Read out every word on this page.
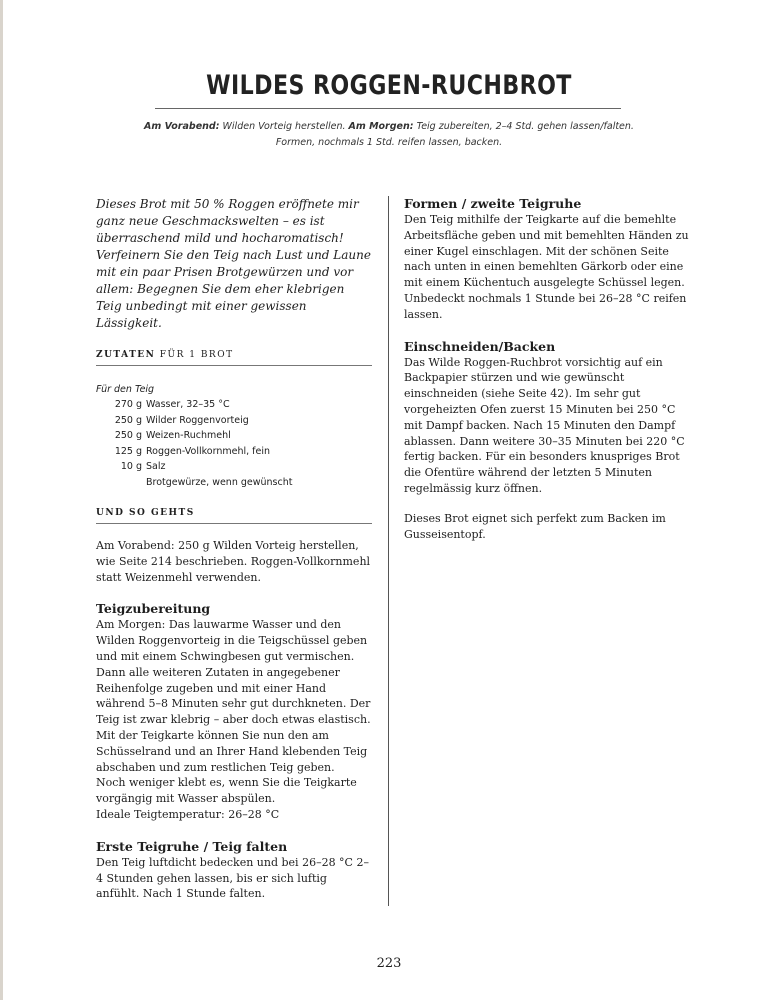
WILDES ROGGEN-RUCHBROT
Am Vorabend: Wilden Vorteig herstellen. Am Morgen: Teig zubereiten, 2–4 Std. gehen lassen/falten.
Formen, nochmals 1 Std. reifen lassen, backen.

Dieses Brot mit 50 % Roggen eröffnete mir ganz neue Geschmackswelten – es ist überraschend mild und hocharomatisch! Verfeinern Sie den Teig nach Lust und Laune mit ein paar Prisen Brotgewürzen und vor allem: Begegnen Sie dem eher klebrigen Teig unbedingt mit einer gewissen Lässigkeit.

ZUTATEN FÜR 1 BROT
Für den Teig
270 g Wasser, 32–35 °C
250 g Wilder Roggenvorteig
250 g Weizen-Ruchmehl
125 g Roggen-Vollkornmehl, fein
10 g Salz
Brotgewürze, wenn gewünscht
UND SO GEHTS

Am Vorabend: 250 g Wilden Vorteig herstellen, wie Seite 214 beschrieben. Roggen-Vollkornmehl statt Weizenmehl verwenden.

Teigzubereitung

Am Morgen: Das lauwarme Wasser und den Wilden Roggenvorteig in die Teigschüssel geben und mit einem Schwingbesen gut vermischen. Dann alle weiteren Zutaten in angegebener Reihenfolge zugeben und mit einer Hand während 5–8 Minuten sehr gut durchkneten. Der Teig ist zwar klebrig – aber doch etwas elastisch.

Mit der Teigkarte können Sie nun den am Schüsselrand und an Ihrer Hand klebenden Teig abschaben und zum restlichen Teig geben.

Noch weniger klebt es, wenn Sie die Teigkarte vorgängig mit Wasser abspülen.

Ideale Teigtemperatur: 26–28 °C

Erste Teigruhe / Teig falten

Den Teig luftdicht bedecken und bei 26–28 °C 2–4 Stunden gehen lassen, bis er sich luftig anfühlt. Nach 1 Stunde falten.

Formen / zweite Teigruhe

Den Teig mithilfe der Teigkarte auf die bemehlte Arbeitsfläche geben und mit bemehlten Händen zu einer Kugel einschlagen. Mit der schönen Seite nach unten in einen bemehlten Gärkorb oder eine mit einem Küchentuch ausgelegte Schüssel legen.

Unbedeckt nochmals 1 Stunde bei 26–28 °C reifen lassen.

Einschneiden/Backen

Das Wilde Roggen-Ruchbrot vorsichtig auf ein Backpapier stürzen und wie gewünscht einschneiden (siehe Seite 42). Im sehr gut vorgeheizten Ofen zuerst 15 Minuten bei 250 °C mit Dampf backen. Nach 15 Minuten den Dampf ablassen. Dann weitere 30–35 Minuten bei 220 °C fertig backen. Für ein besonders knuspriges Brot die Ofentüre während der letzten 5 Minuten regelmässig kurz öffnen.

Dieses Brot eignet sich perfekt zum Backen im Gusseisentopf.

223
